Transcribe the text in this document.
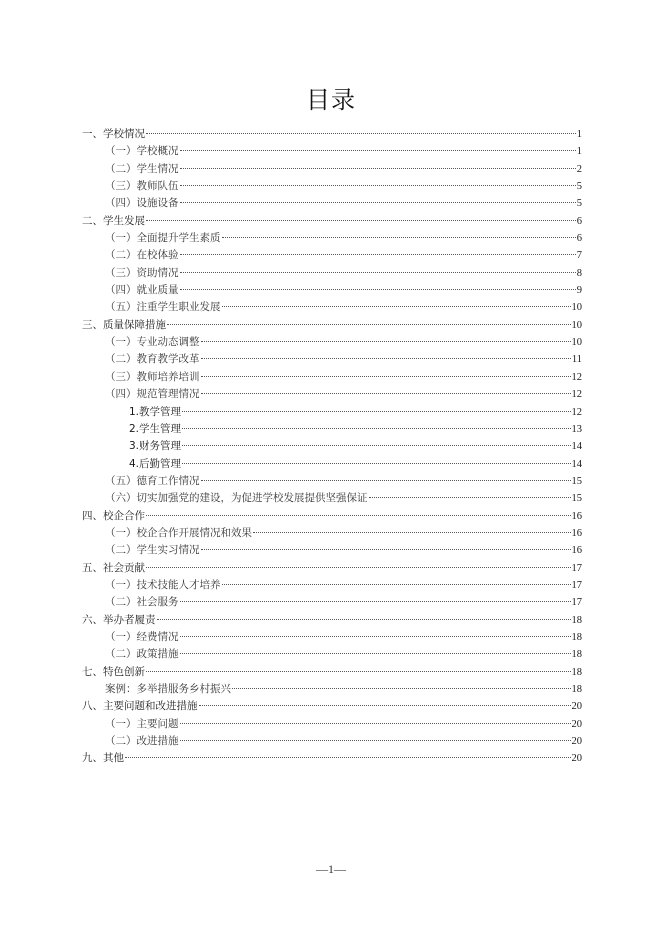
目录
一、学校情况	1
（一）学校概况	1
（二）学生情况	2
（三）教师队伍	5
（四）设施设备	5
二、学生发展	6
（一）全面提升学生素质	6
（二）在校体验	7
（三）资助情况	8
（四）就业质量	9
（五）注重学生职业发展	10
三、质量保障措施	10
（一）专业动态调整	10
（二）教育教学改革	11
（三）教师培养培训	12
（四）规范管理情况	12
1.教学管理	12
2.学生管理	13
3.财务管理	14
4.后勤管理	14
（五）德育工作情况	15
（六）切实加强党的建设，为促进学校发展提供坚强保证	15
四、校企合作	16
（一）校企合作开展情况和效果	16
（二）学生实习情况	16
五、社会贡献	17
（一）技术技能人才培养	17
（二）社会服务	17
六、举办者履责	18
（一）经费情况	18
（二）政策措施	18
七、特色创新	18
案例：多举措服务乡村振兴	18
八、主要问题和改进措施	20
（一）主要问题	20
（二）改进措施	20
九、其他	20
—1—
